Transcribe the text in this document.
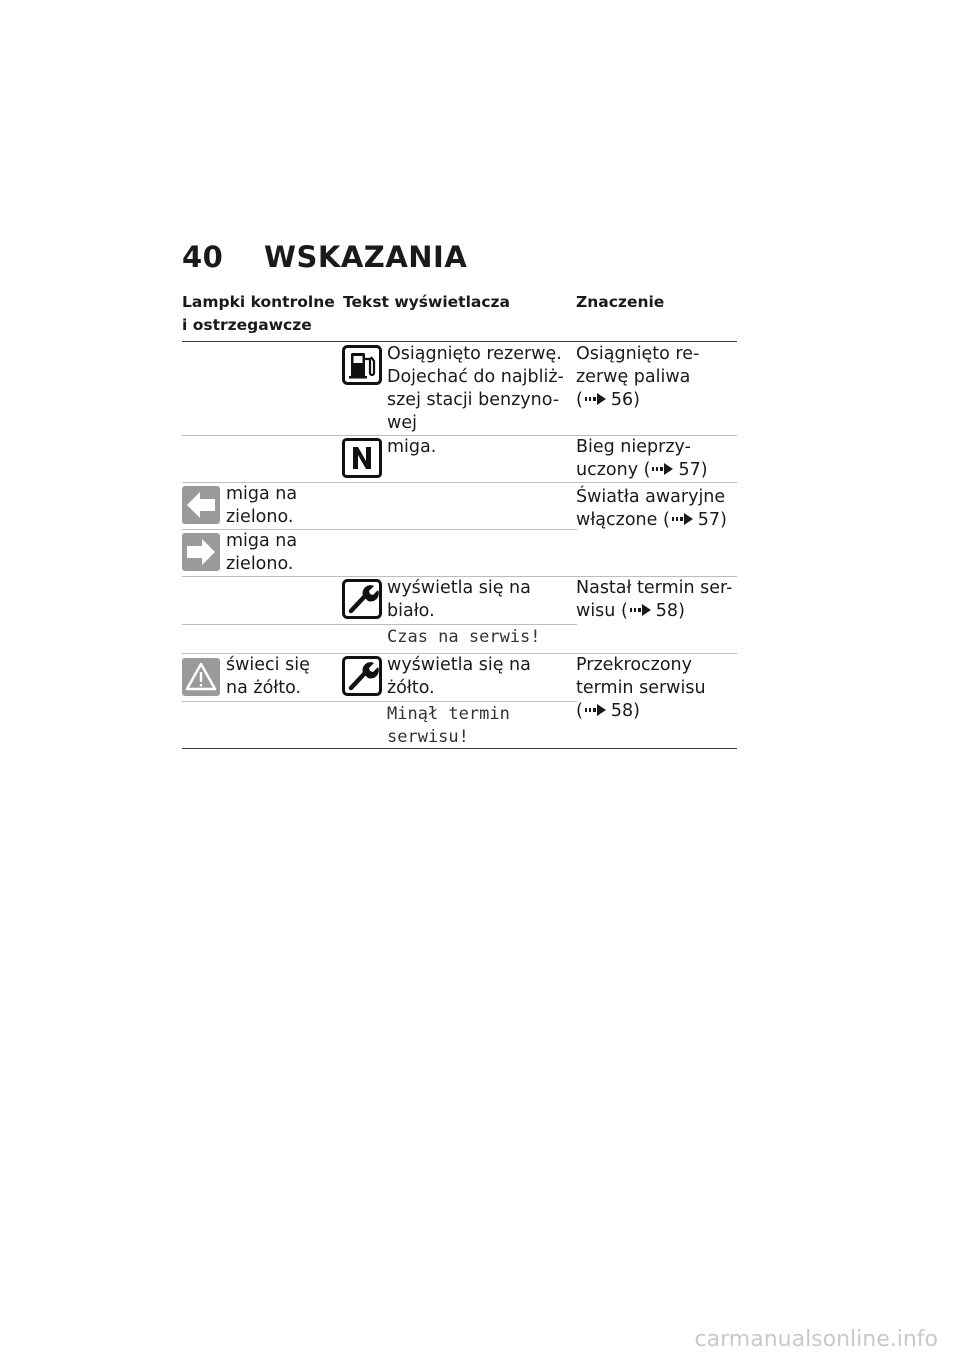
40 WSKAZANIA
Lampki kontrolne i ostrzegawcze
Tekst wyświetlacza	Znaczenie
Osiągnięto rezerwę. Dojechać do najbliż-szej stacji benzyno-wej
Osiągnięto re-zerwę paliwa
( 56)
miga.	Bieg nieprzy-uczony ( 57)
miga na zielono.
miga na zielono.
Światła awaryjne włączone ( 57)
wyświetla się na biało.
Czas na serwis!
Nastał termin ser-wisu ( 58)
świeci się na żółto.
wyświetla się na żółto.
Minął termin serwisu!
Przekroczony termin serwisu
( 58)
carmanualsonline.info
